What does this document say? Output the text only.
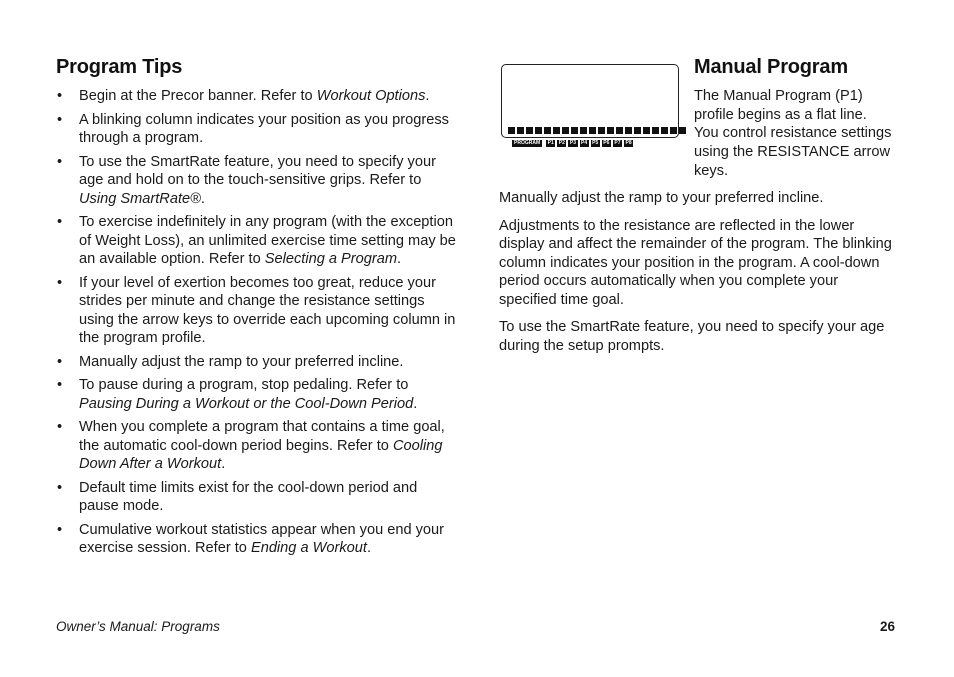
Program Tips
• Begin at the Precor banner. Refer to Workout Options.
• A blinking column indicates your position as you progress through a program.
• To use the SmartRate feature, you need to specify your age and hold on to the touch-sensitive grips. Refer to Using SmartRate®.
• To exercise indefinitely in any program (with the exception of Weight Loss), an unlimited exercise time setting may be an available option. Refer to Selecting a Program.
• If your level of exertion becomes too great, reduce your strides per minute and change the resistance settings using the arrow keys to override each upcoming column in the program profile.
• Manually adjust the ramp to your preferred incline.
• To pause during a program, stop pedaling. Refer to Pausing During a Workout or the Cool-Down Period.
• When you complete a program that contains a time goal, the automatic cool-down period begins. Refer to Cooling Down After a Workout.
• Default time limits exist for the cool-down period and pause mode.
• Cumulative workout statistics appear when you end your exercise session. Refer to Ending a Workout.
PROGRAM	P1	P2	P3	P4	P5	P6	P7	P8
Manual Program

The Manual Program (P1) profile begins as a flat line. You control resistance settings using the RESISTANCE arrow keys.

Manually adjust the ramp to your preferred incline.

Adjustments to the resistance are reflected in the lower display and affect the remainder of the program. The blinking column indicates your position in the program. A cool-down period occurs automatically when you complete your specified time goal.

To use the SmartRate feature, you need to specify your age during the setup prompts.

Owner’s Manual: Programs	26
